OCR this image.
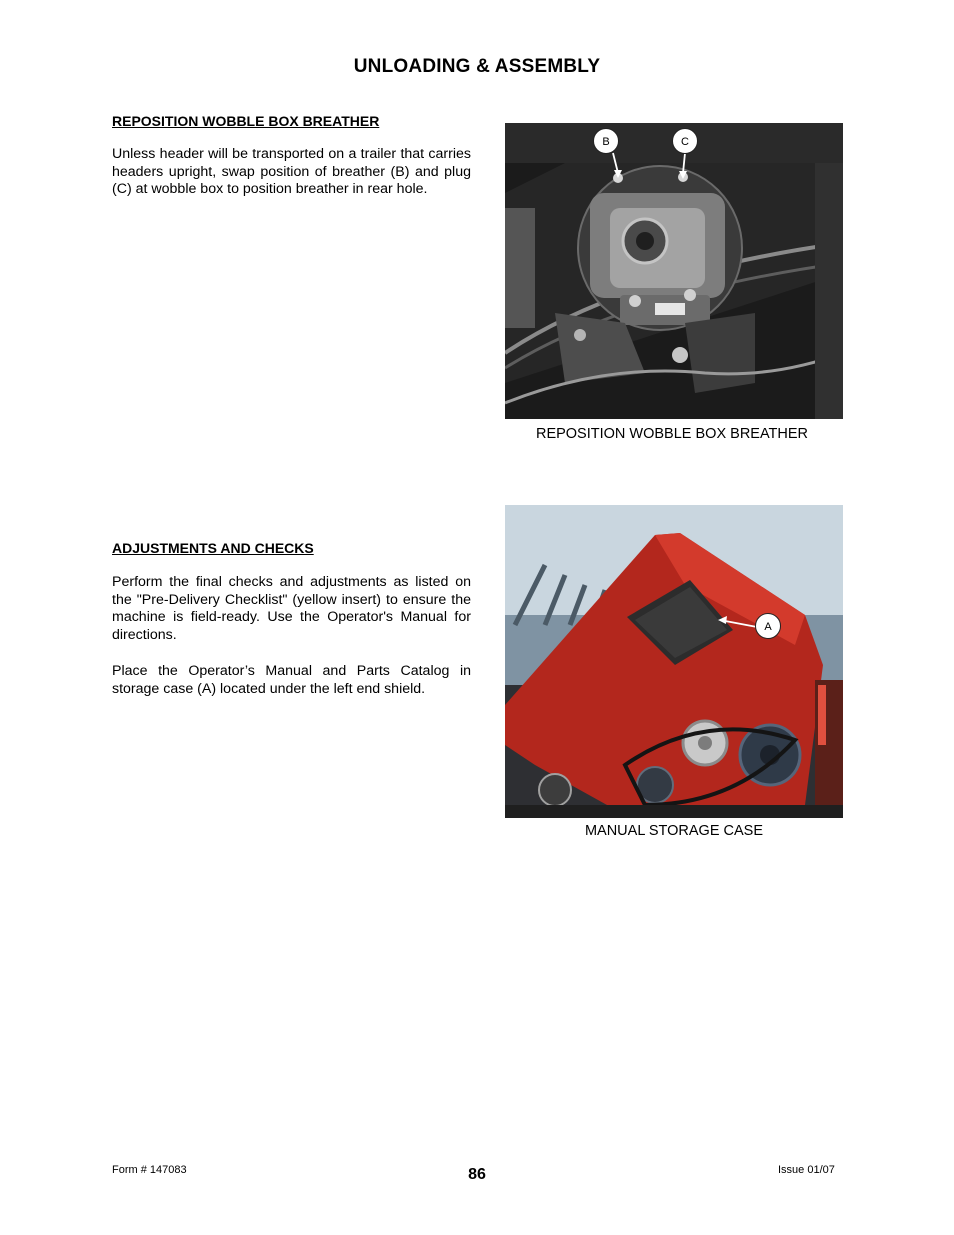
UNLOADING & ASSEMBLY
REPOSITION WOBBLE BOX BREATHER
Unless header will be transported on a trailer that carries headers upright, swap position of breather (B) and plug (C) at wobble box to position breather in rear hole.
B	C
REPOSITION WOBBLE BOX BREATHER
ADJUSTMENTS AND CHECKS
Perform the final checks and adjustments as listed on the "Pre-Delivery Checklist" (yellow insert) to ensure the machine is field-ready. Use the Operator's Manual for directions.
Place the Operator’s Manual and Parts Catalog in storage case (A) located under the left end shield.
A
MANUAL STORAGE CASE
Form # 147083	86	Issue 01/07
